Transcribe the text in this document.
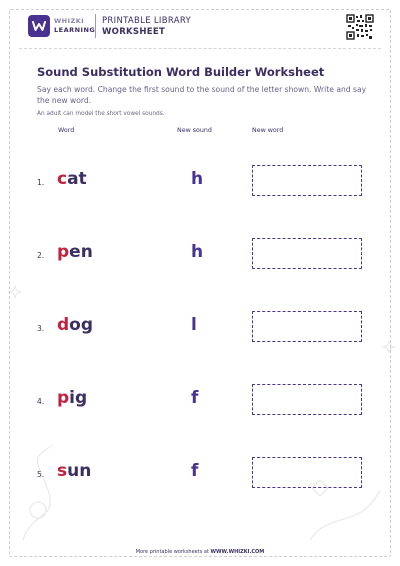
WHIZKI
LEARNING
PRINTABLE LIBRARY
WORKSHEET
Sound Substitution Word Builder Worksheet
Say each word. Change the first sound to the sound of the letter shown. Write and say the new word.
An adult can model the short vowel sounds.
Word	New sound	New word
1. cat	h
2. pen	h
3. dog	l
4. pig	f
5. sun	f
More printable worksheets at WWW.WHIZKI.COM
